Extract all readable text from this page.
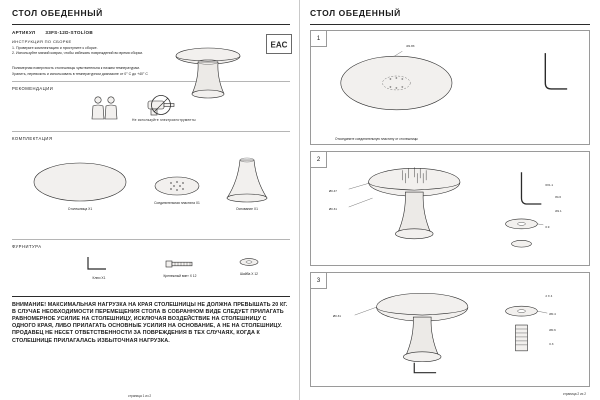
СТОЛ ОБЕДЕННЫЙ
АРТИКУЛ 33FS-12D-STOL/OB
ИНСТРУКЦИЯ ПО СБОРКЕ
1. Проверьте комплектацию и приступите к сборке.
2. Используйте мягкий коврик, чтобы избежать повреждений во время сборки.
EAC
Полимерная поверхность столешницы чувствительна к низким температурам.
Хранить, перевозить и использовать в температурном диапазоне от 0° С до +40° С
РЕКОМЕНДАЦИИ
Не используйте электроинструменты
КОМПЛЕКТАЦИЯ
Столешница X1
Соединительная пластина X1
Основание X1
ФУРНИТУРА
Ключ X1	Крепежный винт X 12	Шайба X 12
ВНИМАНИЕ! МАКСИМАЛЬНАЯ НАГРУЗКА НА КРАЯ СТОЛЕШНИЦЫ НЕ ДОЛЖНА ПРЕВЫШАТЬ 20 КГ. В СЛУЧАЕ НЕОБХОДИМОСТИ ПЕРЕМЕЩЕНИЯ СТОЛА В СОБРАННОМ ВИДЕ СЛЕДУЕТ ПРИЛАГАТЬ РАВНОМЕРНОЕ УСИЛИЕ НА СТОЛЕШНИЦУ, ИСКЛЮЧАЯ ВОЗДЕЙСТВИЕ НА СТОЛЕШНИЦУ С ОДНОГО КРАЯ, ЛИБО ПРИЛАГАТЬ ОСНОВНЫЕ УСИЛИЯ НА ОСНОВАНИЕ, А НЕ НА СТОЛЕШНИЦУ. ПРОДАВЕЦ НЕ НЕСЕТ ОТВЕТСТВЕННОСТИ ЗА ПОВРЕЖДЕНИЯ В ТЕХ СЛУЧАЯХ, КОГДА К СТОЛЕШНИЦЕ ПРИЛАГАЛАСЬ ИЗБЫТОЧНАЯ НАГРУЗКА.
страница 1 из 2
СТОЛ ОБЕДЕННЫЙ
1
Ø1.83
Отсоедините соединительную пластину от столешницы
2
Ø0.47
Ø0.31
6X1.1
84.6
Ø1.1
0.9
3
Ø0.31
2 X 4
Ø0.4
Ø0.6
0.3
страница 2 из 2
